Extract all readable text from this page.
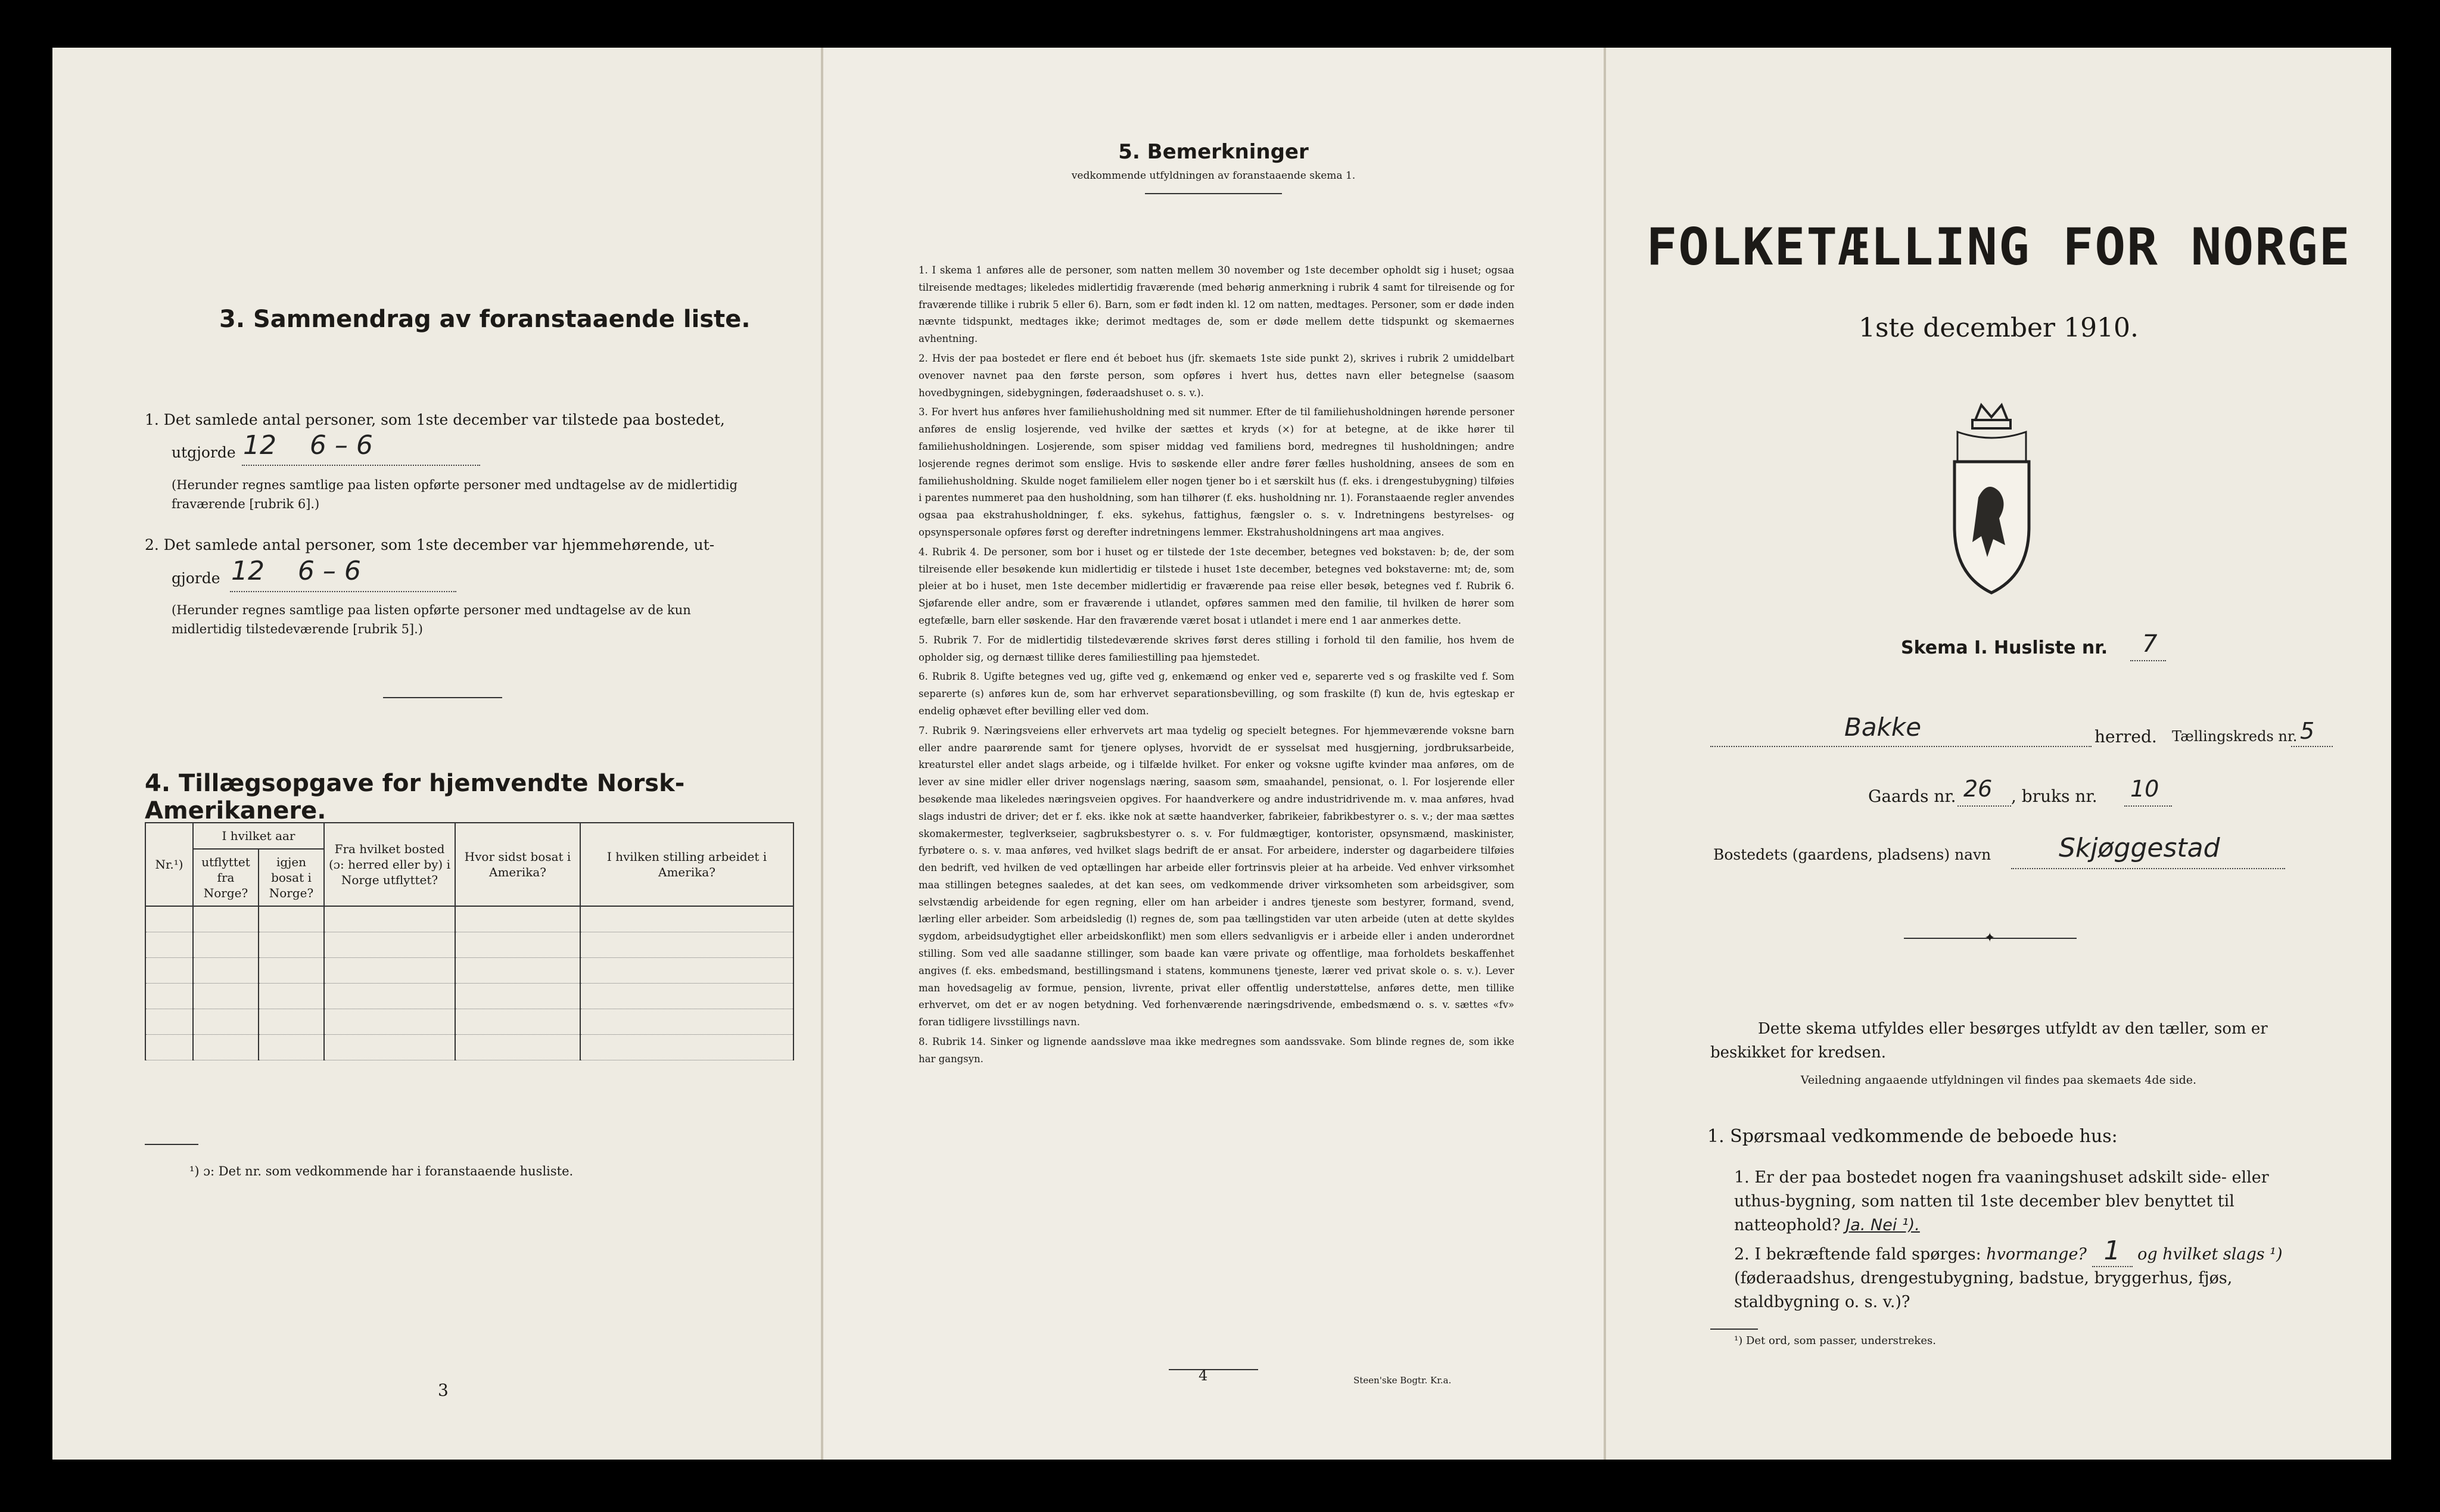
3. Sammendrag av foranstaaende liste.
1. Det samlede antal personer, som 1ste december var tilstede paa bostedet,
utgjorde 12    6 – 6
(Herunder regnes samtlige paa listen opførte personer med undtagelse av de midlertidig fraværende [rubrik 6].)
2. Det samlede antal personer, som 1ste december var hjemmehørende, ut-
gjorde 12    6 – 6
(Herunder regnes samtlige paa listen opførte personer med undtagelse av de kun midlertidig tilstedeværende [rubrik 5].)
4. Tillægsopgave for hjemvendte Norsk-Amerikanere.
Nr.¹)	I hvilket aar		Fra hvilket bosted (ɔ: herred eller by) i Norge utflyttet?	Hvor sidst bosat i Amerika?	I hvilken stilling arbeidet i Amerika?
	utflyttet fra Norge?	igjen bosat i Norge?			

¹) ɔ: Det nr. som vedkommende har i foranstaaende husliste.
3
5. Bemerkninger
vedkommende utfyldningen av foranstaaende skema 1.
1. I skema 1 anføres alle de personer, som natten mellem 30 november og 1ste december opholdt sig i huset; ogsaa tilreisende medtages; likeledes midlertidig fraværende (med behørig anmerkning i rubrik 4 samt for tilreisende og for fraværende tillike i rubrik 5 eller 6). Barn, som er født inden kl. 12 om natten, medtages. Personer, som er døde inden nævnte tidspunkt, medtages ikke; derimot medtages de, som er døde mellem dette tidspunkt og skemaernes avhentning.
2. Hvis der paa bostedet er flere end ét beboet hus (jfr. skemaets 1ste side punkt 2), skrives i rubrik 2 umiddelbart ovenover navnet paa den første person, som opføres i hvert hus, dettes navn eller betegnelse (saasom hovedbygningen, sidebygningen, føderaadshuset o. s. v.).
3. For hvert hus anføres hver familiehusholdning med sit nummer. Efter de til familiehusholdningen hørende personer anføres de enslig losjerende, ved hvilke der sættes et kryds (×) for at betegne, at de ikke hører til familiehusholdningen. Losjerende, som spiser middag ved familiens bord, medregnes til husholdningen; andre losjerende regnes derimot som enslige. Hvis to søskende eller andre fører fælles husholdning, ansees de som en familiehusholdning. Skulde noget familielem eller nogen tjener bo i et særskilt hus (f. eks. i drengestubygning) tilføies i parentes nummeret paa den husholdning, som han tilhører (f. eks. husholdning nr. 1). Foranstaaende regler anvendes ogsaa paa ekstrahusholdninger, f. eks. sykehus, fattighus, fængsler o. s. v. Indretningens bestyrelses- og opsynspersonale opføres først og derefter indretningens lemmer. Ekstrahusholdningens art maa angives.
4. Rubrik 4. De personer, som bor i huset og er tilstede der 1ste december, betegnes ved bokstaven: b; de, der som tilreisende eller besøkende kun midlertidig er tilstede i huset 1ste december, betegnes ved bokstaverne: mt; de, som pleier at bo i huset, men 1ste december midlertidig er fraværende paa reise eller besøk, betegnes ved f. Rubrik 6. Sjøfarende eller andre, som er fraværende i utlandet, opføres sammen med den familie, til hvilken de hører som egtefælle, barn eller søskende. Har den fraværende været bosat i utlandet i mere end 1 aar anmerkes dette.
5. Rubrik 7. For de midlertidig tilstedeværende skrives først deres stilling i forhold til den familie, hos hvem de opholder sig, og dernæst tillike deres familiestilling paa hjemstedet.
6. Rubrik 8. Ugifte betegnes ved ug, gifte ved g, enkemænd og enker ved e, separerte ved s og fraskilte ved f. Som separerte (s) anføres kun de, som har erhvervet separationsbevilling, og som fraskilte (f) kun de, hvis egteskap er endelig ophævet efter bevilling eller ved dom.
7. Rubrik 9. Næringsveiens eller erhvervets art maa tydelig og specielt betegnes. For hjemmeværende voksne barn eller andre paarørende samt for tjenere oplyses, hvorvidt de er sysselsat med husgjerning, jordbruksarbeide, kreaturstel eller andet slags arbeide, og i tilfælde hvilket. For enker og voksne ugifte kvinder maa anføres, om de lever av sine midler eller driver nogenslags næring, saasom søm, smaahandel, pensionat, o. l. For losjerende eller besøkende maa likeledes næringsveien opgives. For haandverkere og andre industridrivende m. v. maa anføres, hvad slags industri de driver; det er f. eks. ikke nok at sætte haandverker, fabrikeier, fabrikbestyrer o. s. v.; der maa sættes skomakermester, teglverkseier, sagbruksbestyrer o. s. v. For fuldmægtiger, kontorister, opsynsmænd, maskinister, fyrbøtere o. s. v. maa anføres, ved hvilket slags bedrift de er ansat. For arbeidere, inderster og dagarbeidere tilføies den bedrift, ved hvilken de ved optællingen har arbeide eller fortrinsvis pleier at ha arbeide. Ved enhver virksomhet maa stillingen betegnes saaledes, at det kan sees, om vedkommende driver virksomheten som arbeidsgiver, som selvstændig arbeidende for egen regning, eller om han arbeider i andres tjeneste som bestyrer, formand, svend, lærling eller arbeider. Som arbeidsledig (l) regnes de, som paa tællingstiden var uten arbeide (uten at dette skyldes sygdom, arbeidsudygtighet eller arbeidskonflikt) men som ellers sedvanligvis er i arbeide eller i anden underordnet stilling. Som ved alle saadanne stillinger, som baade kan være private og offentlige, maa forholdets beskaffenhet angives (f. eks. embedsmand, bestillingsmand i statens, kommunens tjeneste, lærer ved privat skole o. s. v.). Lever man hovedsagelig av formue, pension, livrente, privat eller offentlig understøttelse, anføres dette, men tillike erhvervet, om det er av nogen betydning. Ved forhenværende næringsdrivende, embedsmænd o. s. v. sættes «fv» foran tidligere livsstillings navn.
8. Rubrik 14. Sinker og lignende aandssløve maa ikke medregnes som aandssvake. Som blinde regnes de, som ikke har gangsyn.
4	Steen'ske Bogtr. Kr.a.
FOLKETÆLLING FOR NORGE
1ste december 1910.
Skema I. Husliste nr. 7
Bakke	herred. Tællingskreds nr. 5
Gaards nr. 26 , bruks nr. 10
Bostedets (gaardens, pladsens) navn	Skjøggestad
✦
Dette skema utfyldes eller besørges utfyldt av den tæller, som er beskikket for kredsen.
Veiledning angaaende utfyldningen vil findes paa skemaets 4de side.
1. Spørsmaal vedkommende de beboede hus:
1. Er der paa bostedet nogen fra vaaningshuset adskilt side- eller uthus-bygning, som natten til 1ste december blev benyttet til natteophold? Ja. Nei ¹).
2. I bekræftende fald spørges: hvormange? 1 og hvilket slags ¹) (føderaadshus, drengestubygning, badstue, bryggerhus, fjøs, staldbygning o. s. v.)?
¹) Det ord, som passer, understrekes.
